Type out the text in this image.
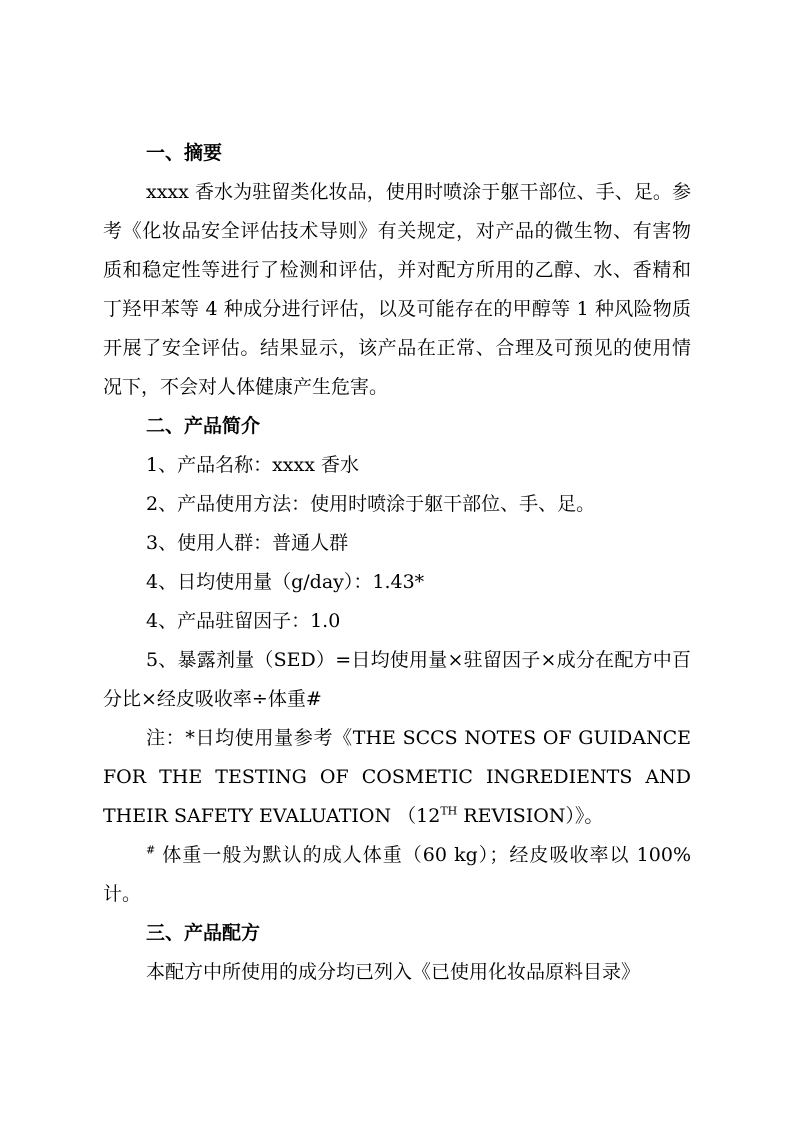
一、摘要

xxxx 香水为驻留类化妆品，使用时喷涂于躯干部位、手、足。参考《化妆品安全评估技术导则》有关规定，对产品的微生物、有害物质和稳定性等进行了检测和评估，并对配方所用的乙醇、水、香精和丁羟甲苯等 4 种成分进行评估，以及可能存在的甲醇等 1 种风险物质开展了安全评估。结果显示，该产品在正常、合理及可预见的使用情况下，不会对人体健康产生危害。

二、产品简介

1、产品名称：xxxx 香水

2、产品使用方法：使用时喷涂于躯干部位、手、足。

3、使用人群：普通人群

4、日均使用量（g/day）：1.43*

4、产品驻留因子：1.0

5、暴露剂量（SED）=日均使用量×驻留因子×成分在配方中百分比×经皮吸收率÷体重#

注：*日均使用量参考《THE SCCS NOTES OF GUIDANCE FOR THE TESTING OF COSMETIC INGREDIENTS AND THEIR SAFETY EVALUATION （12TH REVISION）》。

# 体重一般为默认的成人体重（60 kg）；经皮吸收率以 100%计。

三、产品配方

本配方中所使用的成分均已列入《已使用化妆品原料目录》
